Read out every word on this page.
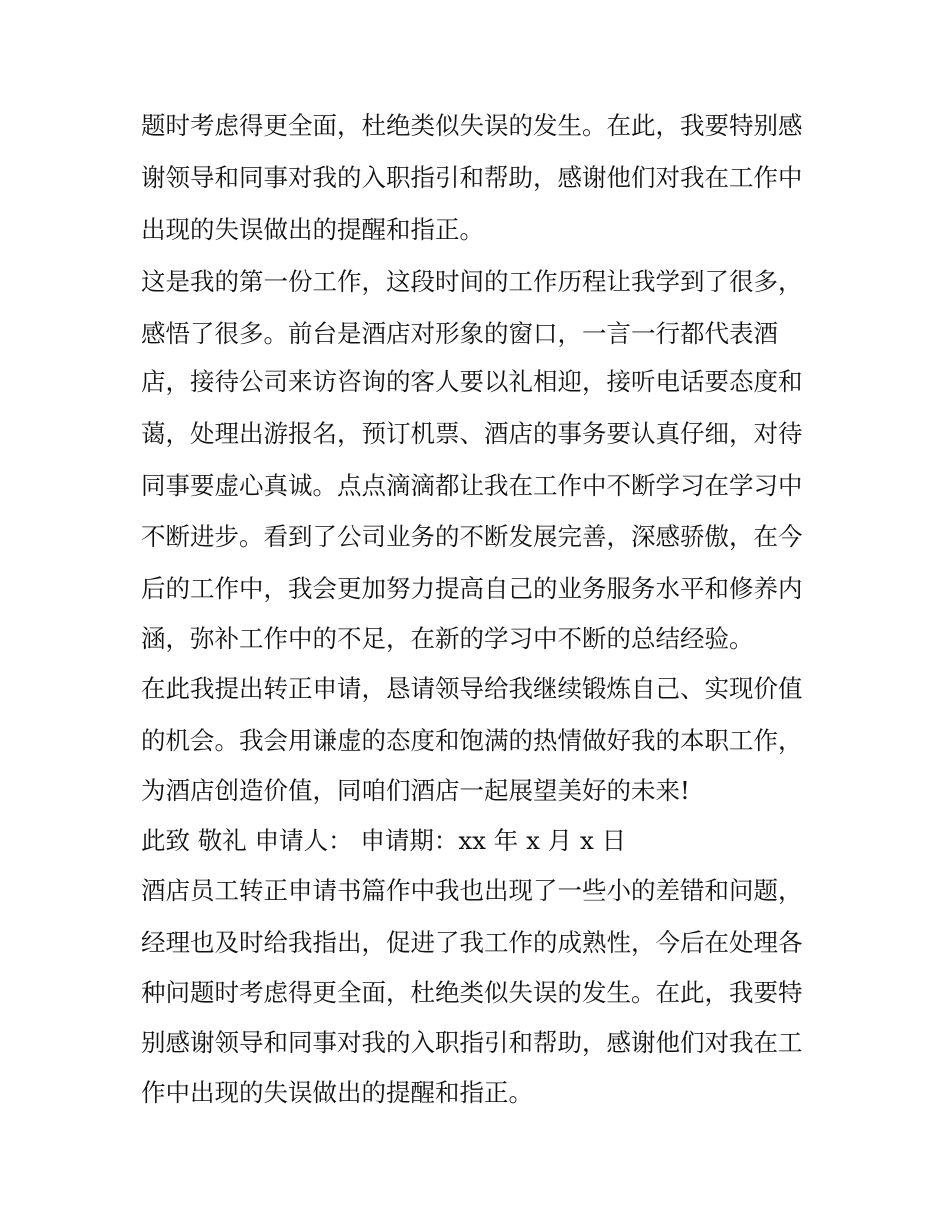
题时考虑得更全面，杜绝类似失误的发生。在此，我要特别感
谢领导和同事对我的入职指引和帮助，感谢他们对我在工作中
出现的失误做出的提醒和指正。
这是我的第一份工作，这段时间的工作历程让我学到了很多，
感悟了很多。前台是酒店对形象的窗口，一言一行都代表酒
店，接待公司来访咨询的客人要以礼相迎，接听电话要态度和
蔼，处理出游报名，预订机票、酒店的事务要认真仔细，对待
同事要虚心真诚。点点滴滴都让我在工作中不断学习在学习中
不断进步。看到了公司业务的不断发展完善，深感骄傲，在今
后的工作中，我会更加努力提高自己的业务服务水平和修养内
涵，弥补工作中的不足，在新的学习中不断的总结经验。
在此我提出转正申请，恳请领导给我继续锻炼自己、实现价值
的机会。我会用谦虚的态度和饱满的热情做好我的本职工作，
为酒店创造价值，同咱们酒店一起展望美好的未来!
此致 敬礼 申请人： 申请期：xx 年 x 月 x 日
酒店员工转正申请书篇作中我也出现了一些小的差错和问题，
经理也及时给我指出，促进了我工作的成熟性，今后在处理各
种问题时考虑得更全面，杜绝类似失误的发生。在此，我要特
别感谢领导和同事对我的入职指引和帮助，感谢他们对我在工
作中出现的失误做出的提醒和指正。
